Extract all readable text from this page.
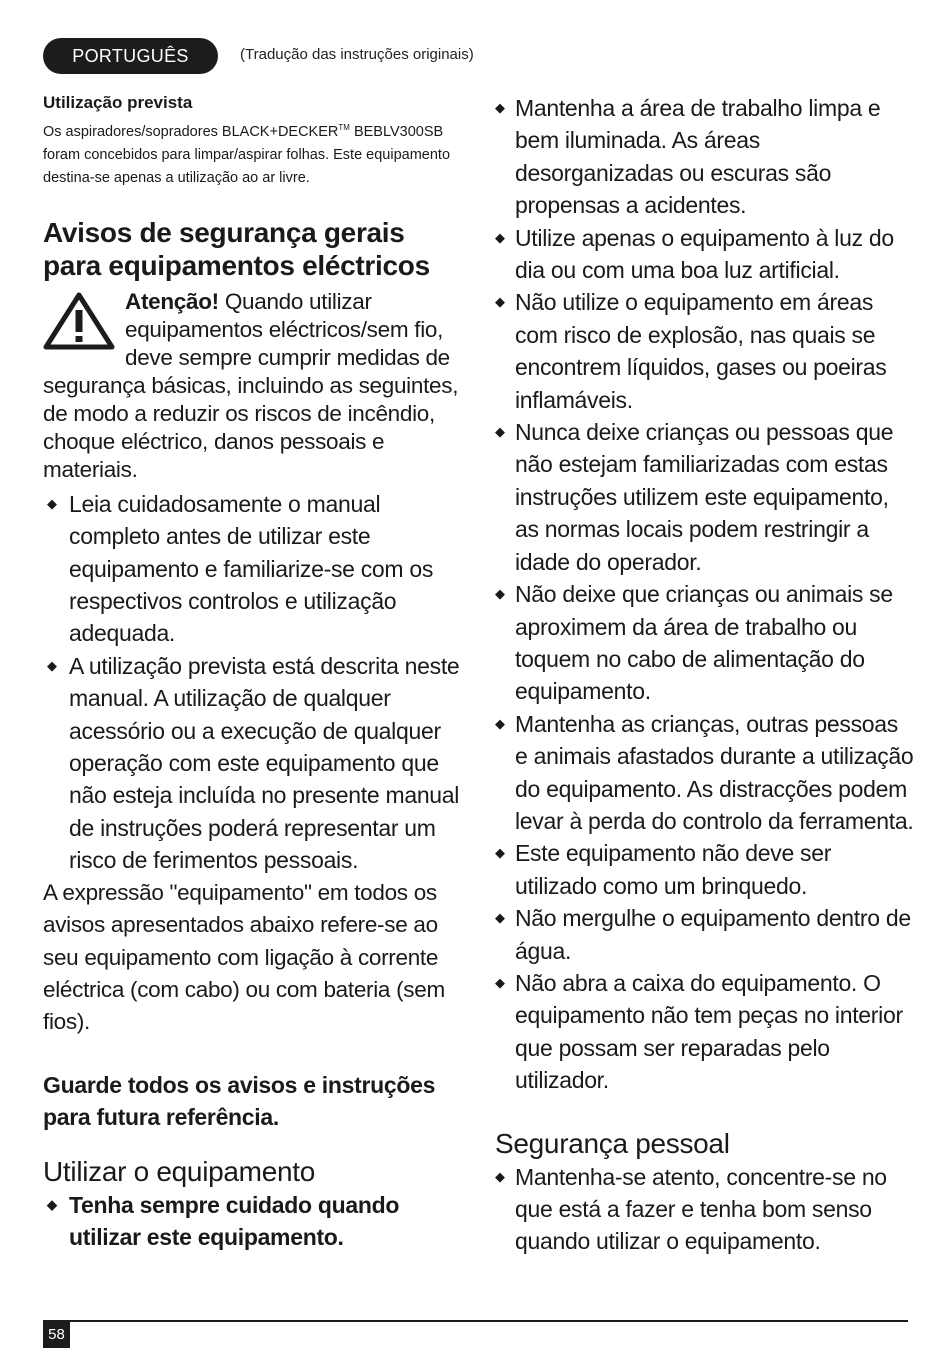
PORTUGUÊS	(Tradução das instruções originais)

Utilização prevista

Os aspiradores/sopradores BLACK+DECKER™ BEBLV300SB foram concebidos para limpar/aspirar folhas. Este equipamento destina-se apenas a utilização ao ar livre.

Avisos de segurança gerais para equipamentos eléctricos

Atenção! Quando utilizar equipamentos eléctricos/sem fio, deve sempre cumprir medidas de segurança básicas, incluindo as seguintes, de modo a reduzir os riscos de incêndio, choque eléctrico, danos pessoais e materiais.

◆ Leia cuidadosamente o manual completo antes de utilizar este equipamento e familiarize-se com os respectivos controlos e utilização adequada.
◆ A utilização prevista está descrita neste manual. A utilização de qualquer acessório ou a execução de qualquer operação com este equipamento que não esteja incluída no presente manual de instruções poderá representar um risco de ferimentos pessoais.

A expressão "equipamento" em todos os avisos apresentados abaixo refere-se ao seu equipamento com ligação à corrente eléctrica (com cabo) ou com bateria (sem fios).

Guarde todos os avisos e instruções para futura referência.

Utilizar o equipamento
◆ Tenha sempre cuidado quando utilizar este equipamento.
◆ Mantenha a área de trabalho limpa e bem iluminada. As áreas desorganizadas ou escuras são propensas a acidentes.
◆ Utilize apenas o equipamento à luz do dia ou com uma boa luz artificial.
◆ Não utilize o equipamento em áreas com risco de explosão, nas quais se encontrem líquidos, gases ou poeiras inflamáveis.
◆ Nunca deixe crianças ou pessoas que não estejam familiarizadas com estas instruções utilizem este equipamento, as normas locais podem restringir a idade do operador.
◆ Não deixe que crianças ou animais se aproximem da área de trabalho ou toquem no cabo de alimentação do equipamento.
◆ Mantenha as crianças, outras pessoas e animais afastados durante a utilização do equipamento. As distracções podem levar à perda do controlo da ferramenta.
◆ Este equipamento não deve ser utilizado como um brinquedo.
◆ Não mergulhe o equipamento dentro de água.
◆ Não abra a caixa do equipamento. O equipamento não tem peças no interior que possam ser reparadas pelo utilizador.
Segurança pessoal
◆ Mantenha-se atento, concentre-se no que está a fazer e tenha bom senso quando utilizar o equipamento.
58
